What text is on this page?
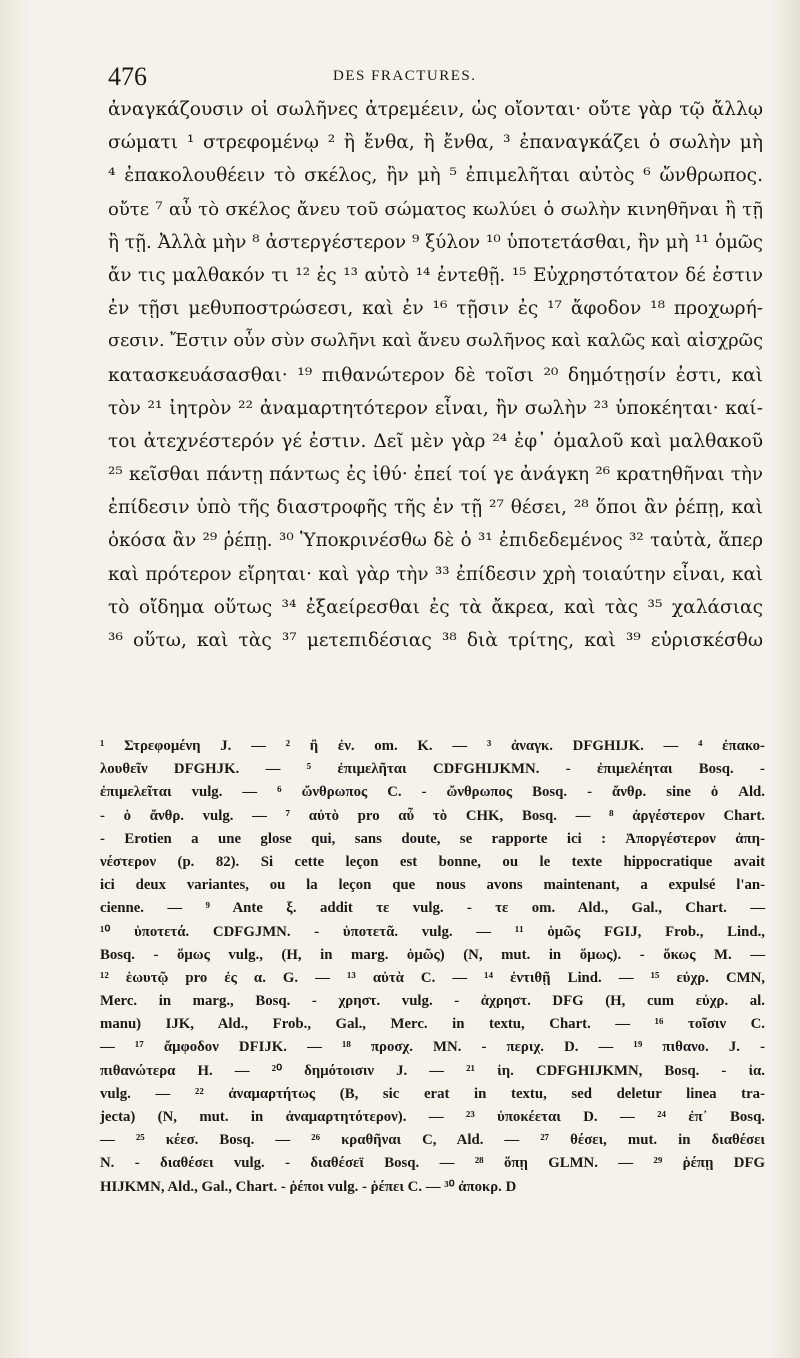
476	DES FRACTURES.
ἀναγκάζουσιν οἱ σωλῆνες ἀτρεμέειν, ὡς οἴονται· οὔτε γὰρ τῷ ἄλλῳ
σώματι ¹ στρεφομένῳ ² ἢ ἔνθα, ἢ ἔνθα, ³ ἐπαναγκάζει ὁ σωλὴν μὴ
⁴ ἐπακολουθέειν τὸ σκέλος, ἢν μὴ ⁵ ἐπιμελῆται αὐτὸς ⁶ ὤνθρωπος.
οὔτε ⁷ αὖ τὸ σκέλος ἄνευ τοῦ σώματος κωλύει ὁ σωλὴν κινηθῆναι ἢ τῇ
ἢ τῇ. Ἀλλὰ μὴν ⁸ ἀστεργέστερον ⁹ ξύλον ¹⁰ ὑποτετάσθαι, ἢν μὴ ¹¹ ὁμῶς
ἄν τις μαλθακόν τι ¹² ἐς ¹³ αὐτὸ ¹⁴ ἐντεθῇ. ¹⁵ Εὐχρηστότατον δέ ἐστιν
ἐν τῇσι μεθυποστρώσεσι, καὶ ἐν ¹⁶ τῇσιν ἐς ¹⁷ ἄφοδον ¹⁸ προχωρή-
σεσιν. Ἔστιν οὖν σὺν σωλῆνι καὶ ἄνευ σωλῆνος καὶ καλῶς καὶ αἰσχρῶς
κατασκευάσασθαι· ¹⁹ πιθανώτερον δὲ τοῖσι ²⁰ δημότῃσίν ἐστι, καὶ
τὸν ²¹ ἰητρὸν ²² ἀναμαρτητότερον εἶναι, ἢν σωλὴν ²³ ὑποκέηται· καί-
τοι ἀτεχνέστερόν γέ ἐστιν. Δεῖ μὲν γὰρ ²⁴ ἐφ᾽ ὁμαλοῦ καὶ μαλθακοῦ
²⁵ κεῖσθαι πάντῃ πάντως ἐς ἰθύ· ἐπεί τοί γε ἀνάγκη ²⁶ κρατηθῆναι τὴν
ἐπίδεσιν ὑπὸ τῆς διαστροφῆς τῆς ἐν τῇ ²⁷ θέσει, ²⁸ ὅποι ἂν ῥέπῃ, καὶ
ὁκόσα ἂν ²⁹ ῥέπῃ. ³⁰ Ὑποκρινέσθω δὲ ὁ ³¹ ἐπιδεδεμένος ³² ταὐτὰ, ἅπερ
καὶ πρότερον εἴρηται· καὶ γὰρ τὴν ³³ ἐπίδεσιν χρὴ τοιαύτην εἶναι, καὶ
τὸ οἴδημα οὕτως ³⁴ ἐξαείρεσθαι ἐς τὰ ἄκρεα, καὶ τὰς ³⁵ χαλάσιας
³⁶ οὕτω, καὶ τὰς ³⁷ μετεπιδέσιας ³⁸ διὰ τρίτης, καὶ ³⁹ εὑρισκέσθω
¹ Στρεφομένη J. — ² ἢ ἐν. om. K. — ³ ἀναγκ. DFGHIJK. — ⁴ ἐπακο-
λουθεῖν DFGHJK. — ⁵ ἐπιμελῆται CDFGHIJKMN. - ἐπιμελέηται Bosq. -
ἐπιμελεῖται vulg. — ⁶ ὤνθρωπος C. - ὤνθρωπος Bosq. - ἄνθρ. sine ὁ Ald.
- ὁ ἄνθρ. vulg. — ⁷ αὐτὸ pro αὖ τὸ CHK, Bosq. — ⁸ ἀργέστερον Chart.
- Erotien a une glose qui, sans doute, se rapporte ici : Ἀποργέστερον ἀπη-
νέστερον (p. 82). Si cette leçon est bonne, ou le texte hippocratique avait
ici deux variantes, ou la leçon que nous avons maintenant, a expulsé l'an-
cienne. — ⁹ Ante ξ. addit τε vulg. - τε om. Ald., Gal., Chart. —
¹⁰ ὑποτετά. CDFGJMN. - ὑποτετᾶ. vulg. — ¹¹ ὁμῶς FGIJ, Frob., Lind.,
Bosq. - ὅμως vulg., (H, in marg. ὁμῶς) (N, mut. in ὅμως). - ὅκως M. —
¹² ἑωυτῷ pro ἐς α. G. — ¹³ αὐτὰ C. — ¹⁴ ἐντιθῇ Lind. — ¹⁵ εὐχρ. CMN,
Merc. in marg., Bosq. - χρηστ. vulg. - ἀχρηστ. DFG (H, cum εὐχρ. al.
manu) IJK, Ald., Frob., Gal., Merc. in textu, Chart. — ¹⁶ τοῖσιν C.
— ¹⁷ ἄμφοδον DFIJK. — ¹⁸ προσχ. MN. - περιχ. D. — ¹⁹ πιθανο. J. -
πιθανώτερα H. — ²⁰ δημότοισιν J. — ²¹ ἰη. CDFGHIJKMN, Bosq. - ἰα.
vulg. — ²² ἀναμαρτήτως (B, sic erat in textu, sed deletur linea tra-
jecta) (N, mut. in ἀναμαρτητότερον). — ²³ ὑποκέεται D. — ²⁴ ἐπ᾽ Bosq.
— ²⁵ κέεσ. Bosq. — ²⁶ κραθῆναι C, Ald. — ²⁷ θέσει, mut. in διαθέσει
N. - διαθέσει vulg. - διαθέσεϊ Bosq. — ²⁸ ὅπῃ GLMN. — ²⁹ ῥέπῃ DFG
HIJKMN, Ald., Gal., Chart. - ῥέποι vulg. - ῥέπει C. — ³⁰ ἀποκρ. D
